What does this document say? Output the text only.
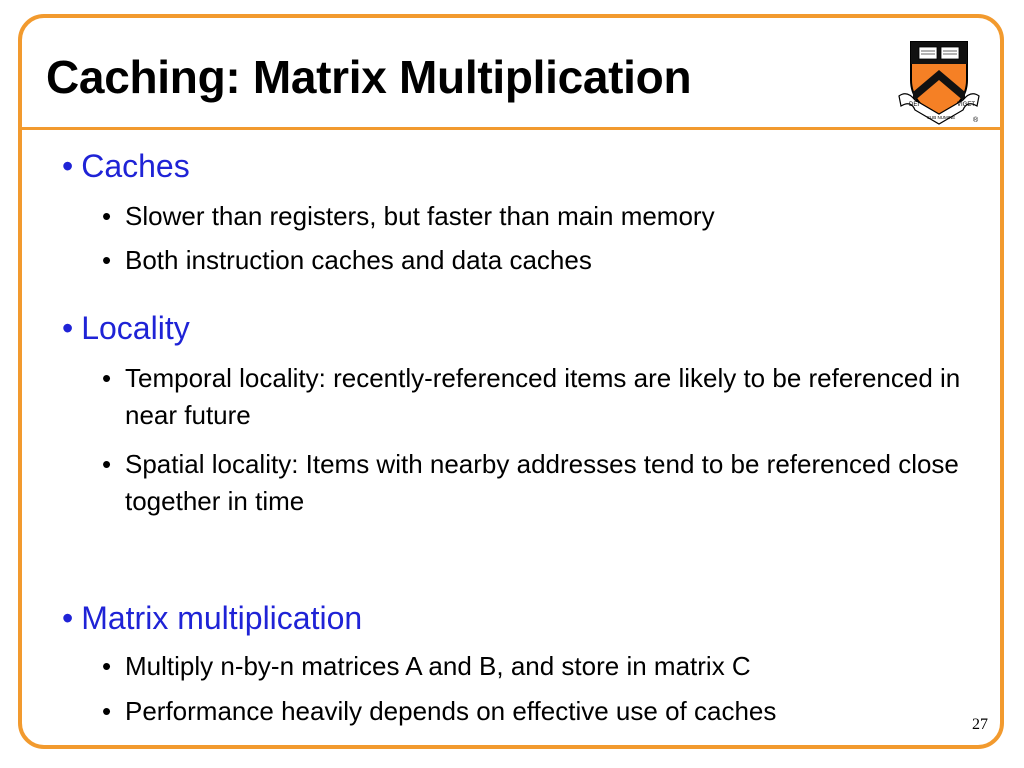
Caching: Matrix Multiplication
DEI
SUB NUMINE
VIGET
®
• Caches
• Slower than registers, but faster than main memory
• Both instruction caches and data caches
• Locality
• Temporal locality: recently-referenced items are likely to be referenced in near future
• Spatial locality: Items with nearby addresses tend to be referenced close together in time
• Matrix multiplication
• Multiply n-by-n matrices A and B, and store in matrix C
• Performance heavily depends on effective use of caches	27
